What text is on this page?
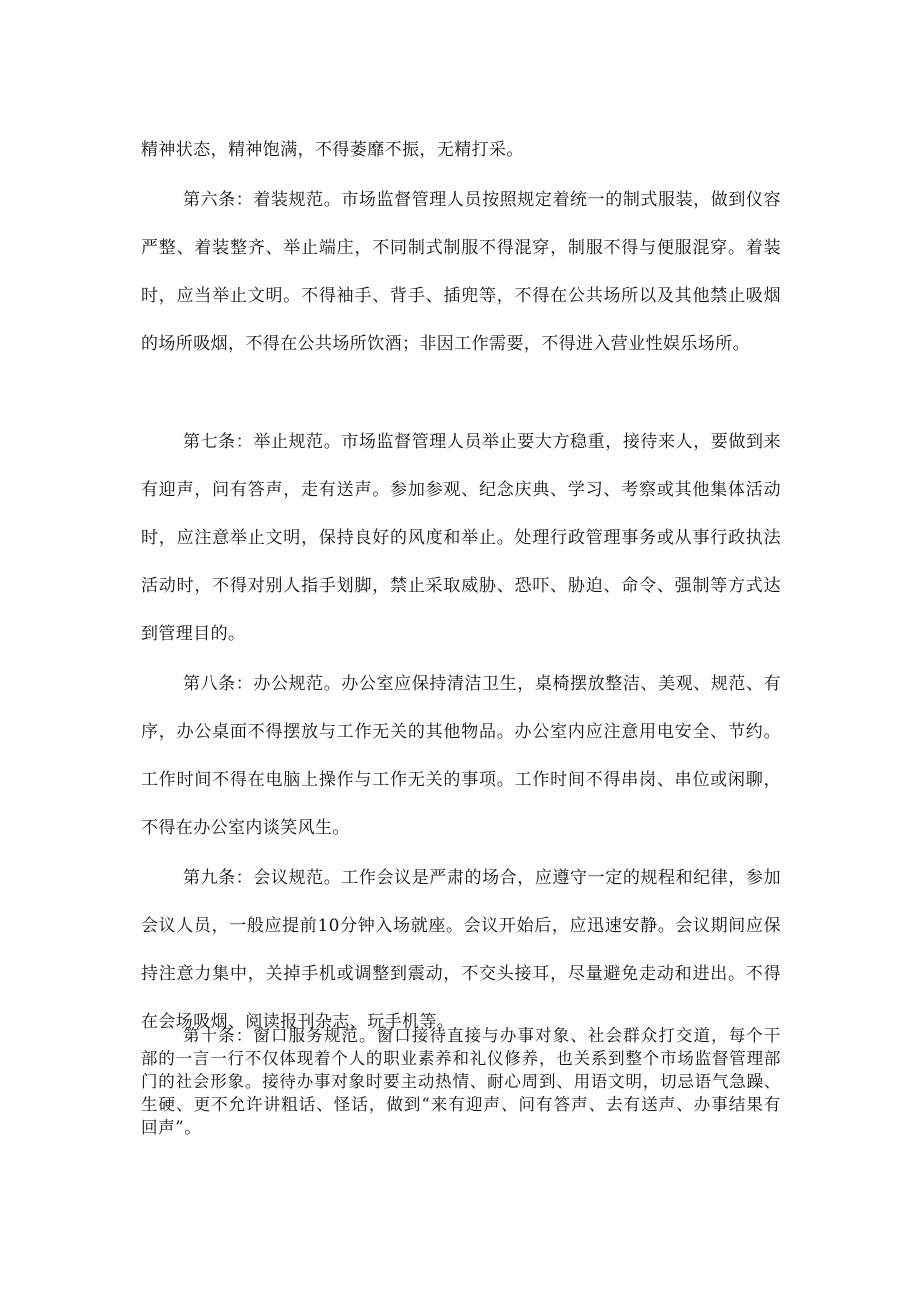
精神状态，精神饱满，不得萎靡不振，无精打采。

第六条：着装规范。市场监督管理人员按照规定着统一的制式服装，做到仪容严整、着装整齐、举止端庄，不同制式制服不得混穿，制服不得与便服混穿。着装时，应当举止文明。不得袖手、背手、插兜等，不得在公共场所以及其他禁止吸烟的场所吸烟，不得在公共场所饮酒；非因工作需要，不得进入营业性娱乐场所。

第七条：举止规范。市场监督管理人员举止要大方稳重，接待来人，要做到来有迎声，问有答声，走有送声。参加参观、纪念庆典、学习、考察或其他集体活动时，应注意举止文明，保持良好的风度和举止。处理行政管理事务或从事行政执法活动时，不得对别人指手划脚，禁止采取威胁、恐吓、胁迫、命令、强制等方式达到管理目的。

第八条：办公规范。办公室应保持清洁卫生，桌椅摆放整洁、美观、规范、有序，办公桌面不得摆放与工作无关的其他物品。办公室内应注意用电安全、节约。工作时间不得在电脑上操作与工作无关的事项。工作时间不得串岗、串位或闲聊，不得在办公室内谈笑风生。

第九条：会议规范。工作会议是严肃的场合，应遵守一定的规程和纪律，参加会议人员，一般应提前10分钟入场就座。会议开始后，应迅速安静。会议期间应保持注意力集中，关掉手机或调整到震动，不交头接耳，尽量避免走动和进出。不得在会场吸烟、阅读报刊杂志、玩手机等。

第十条：窗口服务规范。窗口接待直接与办事对象、社会群众打交道，每个干部的一言一行不仅体现着个人的职业素养和礼仪修养，也关系到整个市场监督管理部门的社会形象。接待办事对象时要主动热情、耐心周到、用语文明，切忌语气急躁、生硬、更不允许讲粗话、怪话，做到“来有迎声、问有答声、去有送声、办事结果有回声”。
